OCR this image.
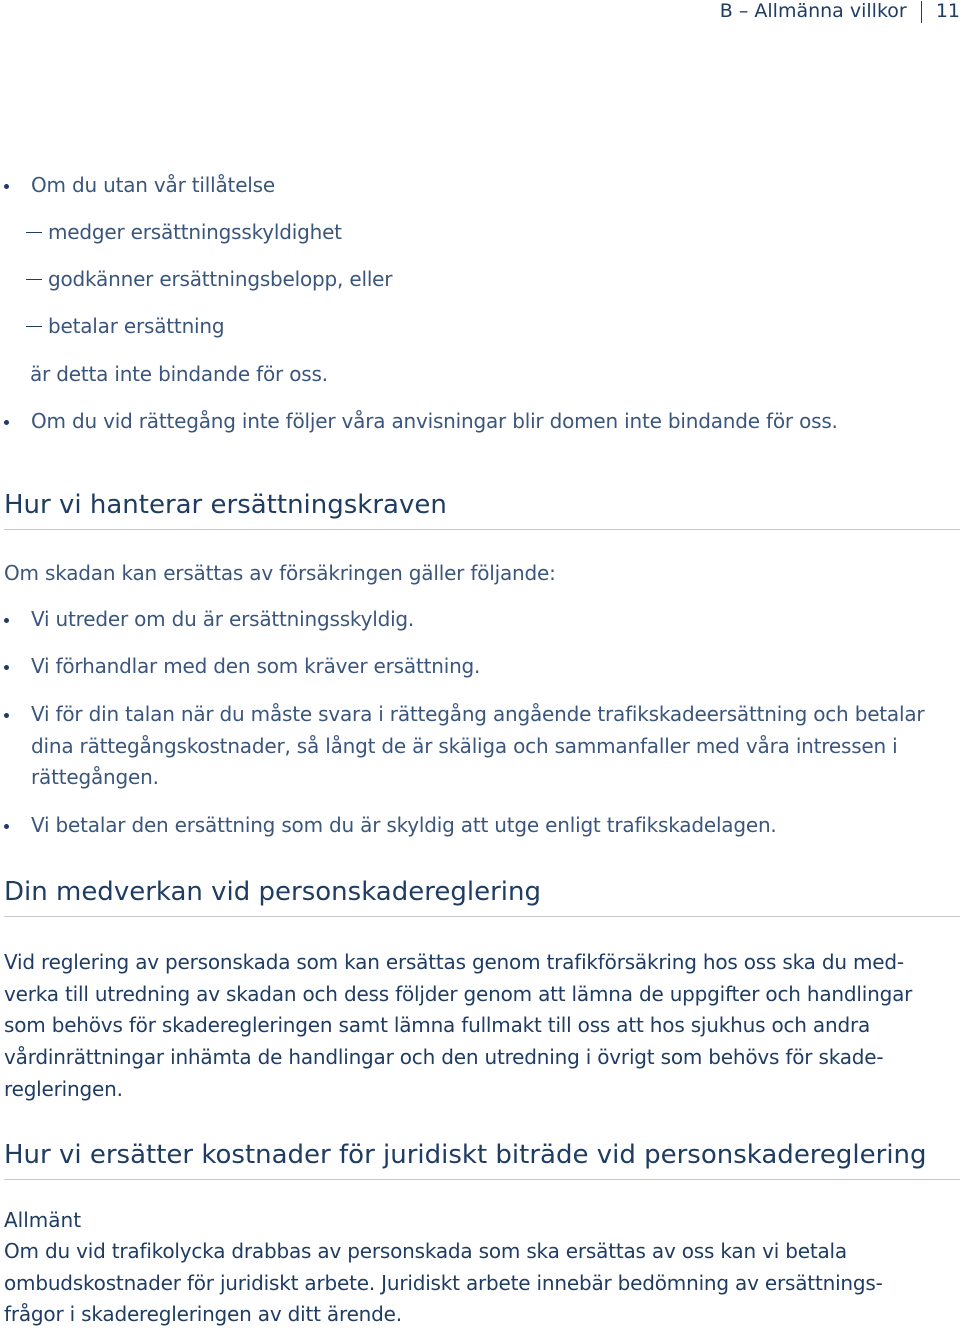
B – Allmänna villkor 11
Om du utan vår tillåtelse
medger ersättningsskyldighet
godkänner ersättningsbelopp, eller
betalar ersättning
är detta inte bindande för oss.
Om du vid rättegång inte följer våra anvisningar blir domen inte bindande för oss.
Hur vi hanterar ersättningskraven
Om skadan kan ersättas av försäkringen gäller följande:
Vi utreder om du är ersättningsskyldig.
Vi förhandlar med den som kräver ersättning.
Vi för din talan när du måste svara i rättegång angående trafikskadeersättning och betalar
dina rättegångskostnader, så långt de är skäliga och sammanfaller med våra intressen i
rättegången.
Vi betalar den ersättning som du är skyldig att utge enligt trafikskadelagen.
Din medverkan vid personskadereglering
Vid reglering av personskada som kan ersättas genom trafikförsäkring hos oss ska du med-
verka till utredning av skadan och dess följder genom att lämna de uppgifter och handlingar
som behövs för skaderegleringen samt lämna fullmakt till oss att hos sjukhus och andra
vårdinrättningar inhämta de handlingar och den utredning i övrigt som behövs för skade-
regleringen.
Hur vi ersätter kostnader för juridiskt biträde vid personskadereglering
Allmänt
Om du vid trafikolycka drabbas av personskada som ska ersättas av oss kan vi betala
ombudskostnader för juridiskt arbete. Juridiskt arbete innebär bedömning av ersättnings-
frågor i skaderegleringen av ditt ärende.
